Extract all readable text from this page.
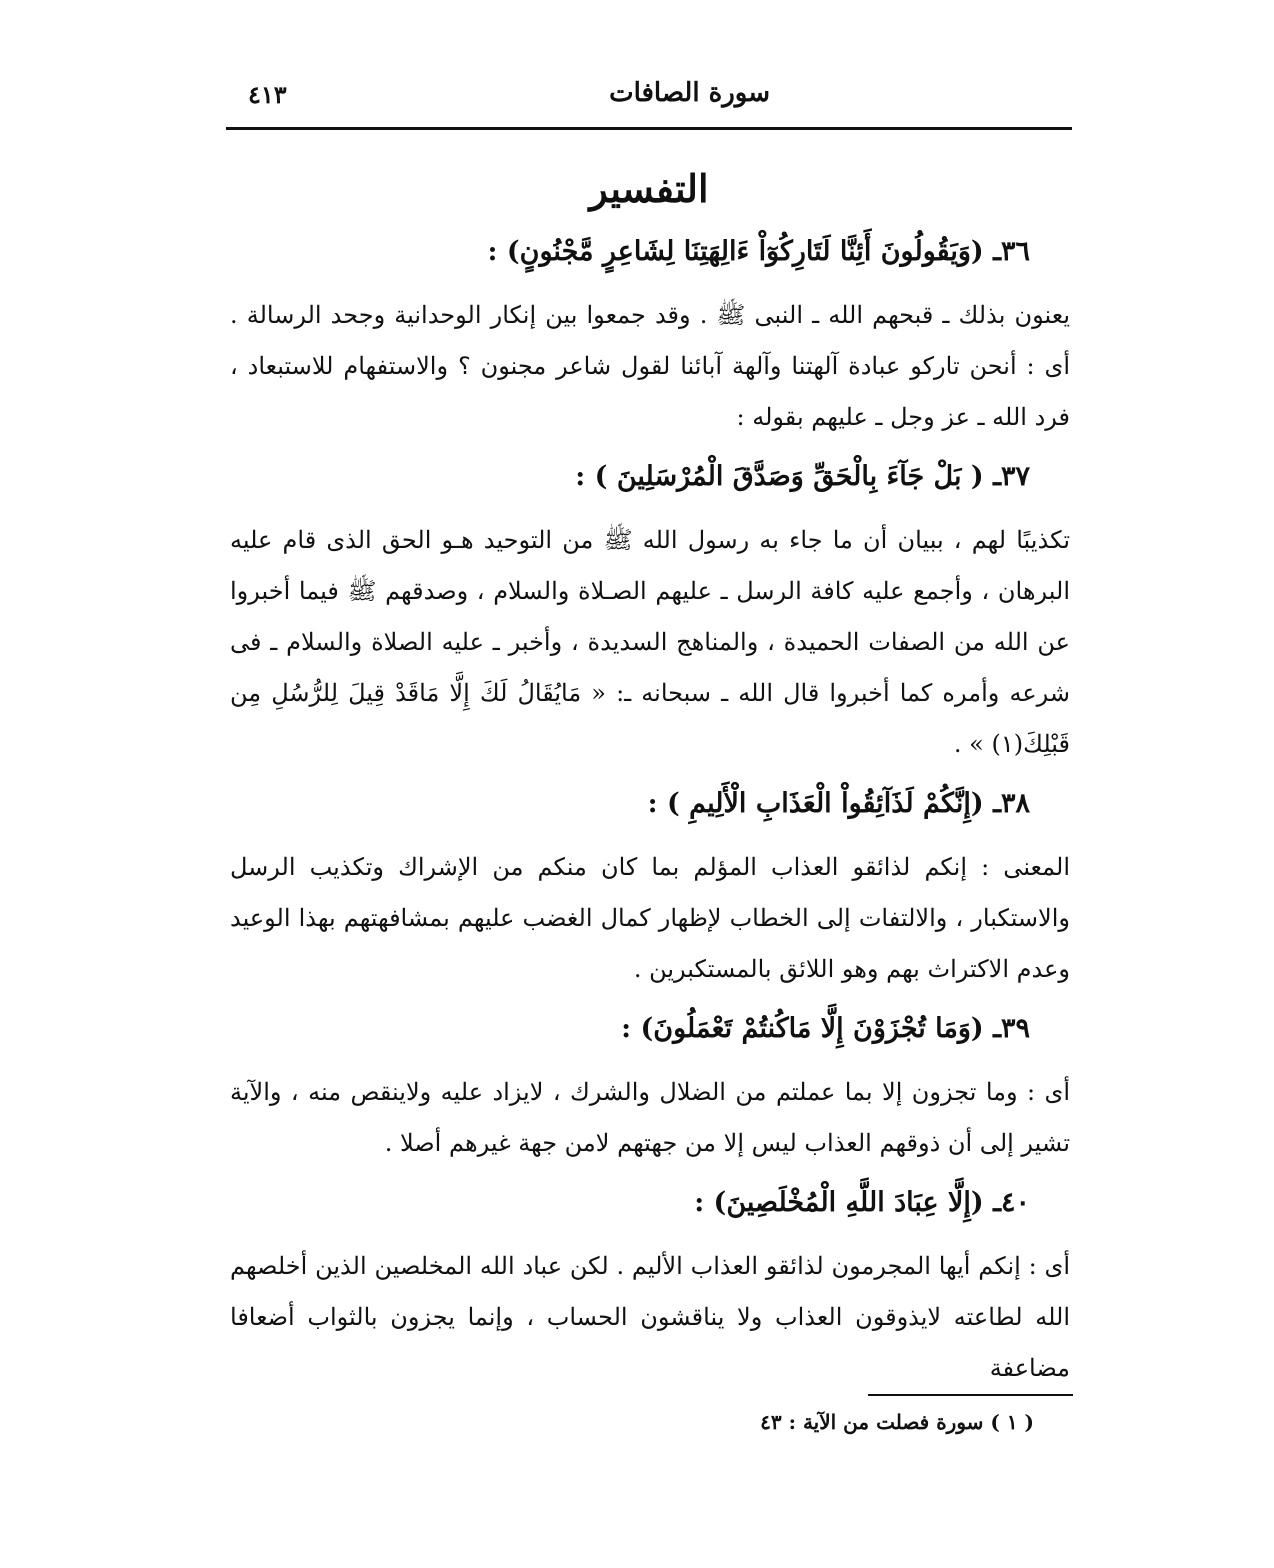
سورة الصافات
٤١٣
التفسير
٣٦ـ (وَيَقُولُونَ أَئِنَّا لَتَارِكُوٓاْ ءَالِهَتِنَا لِشَاعِرٍ مَّجْنُونٍ) :

يعنون بذلك ـ قبحهم الله ـ النبى ﷺ . وقد جمعوا بين إنكار الوحدانية وجحد الرسالة . أى : أنحن تاركو عبادة آلهتنا وآلهة آبائنا لقول شاعر مجنون ؟ والاستفهام للاستبعاد ، فرد الله ـ عز وجل ـ عليهم بقوله :

٣٧ـ ( بَلْ جَآءَ بِالْحَقِّ وَصَدَّقَ الْمُرْسَلِينَ ) :

تكذيبًا لهم ، ببيان أن ما جاء به رسول الله ﷺ من التوحيد هـو الحق الذى قام عليه البرهان ، وأجمع عليه كافة الرسل ـ عليهم الصـلاة والسلام ، وصدقهم ﷺ فيما أخبروا عن الله من الصفات الحميدة ، والمناهج السديدة ، وأخبر ـ عليه الصلاة والسلام ـ فى شرعه وأمره كما أخبروا قال الله ـ سبحانه ـ: « مَايُقَالُ لَكَ إِلَّا مَاقَدْ قِيلَ لِلرُّسُلِ مِن قَبْلِكَ(١) » .

٣٨ـ (إِنَّكُمْ لَذَآئِقُواْ الْعَذَابِ الْأَلِيمِ ) :

المعنى : إنكم لذائقو العذاب المؤلم بما كان منكم من الإشراك وتكذيب الرسل والاستكبار ، والالتفات إلى الخطاب لإظهار كمال الغضب عليهم بمشافهتهم بهذا الوعيد وعدم الاكتراث بهم وهو اللائق بالمستكبرين .

٣٩ـ (وَمَا تُجْزَوْنَ إِلَّا مَاكُنتُمْ تَعْمَلُونَ) :

أى : وما تجزون إلا بما عملتم من الضلال والشرك ، لايزاد عليه ولاينقص منه ، والآية تشير إلى أن ذوقهم العذاب ليس إلا من جهتهم لامن جهة غيرهم أصلا .

٤٠ـ (إِلَّا عِبَادَ اللَّهِ الْمُخْلَصِينَ) :

أى : إنكم أيها المجرمون لذائقو العذاب الأليم . لكن عباد الله المخلصين الذين أخلصهم الله لطاعته لايذوقون العذاب ولا يناقشون الحساب ، وإنما يجزون بالثواب أضعافا مضاعفة

( ١ ) سورة فصلت من الآية : ٤٣
